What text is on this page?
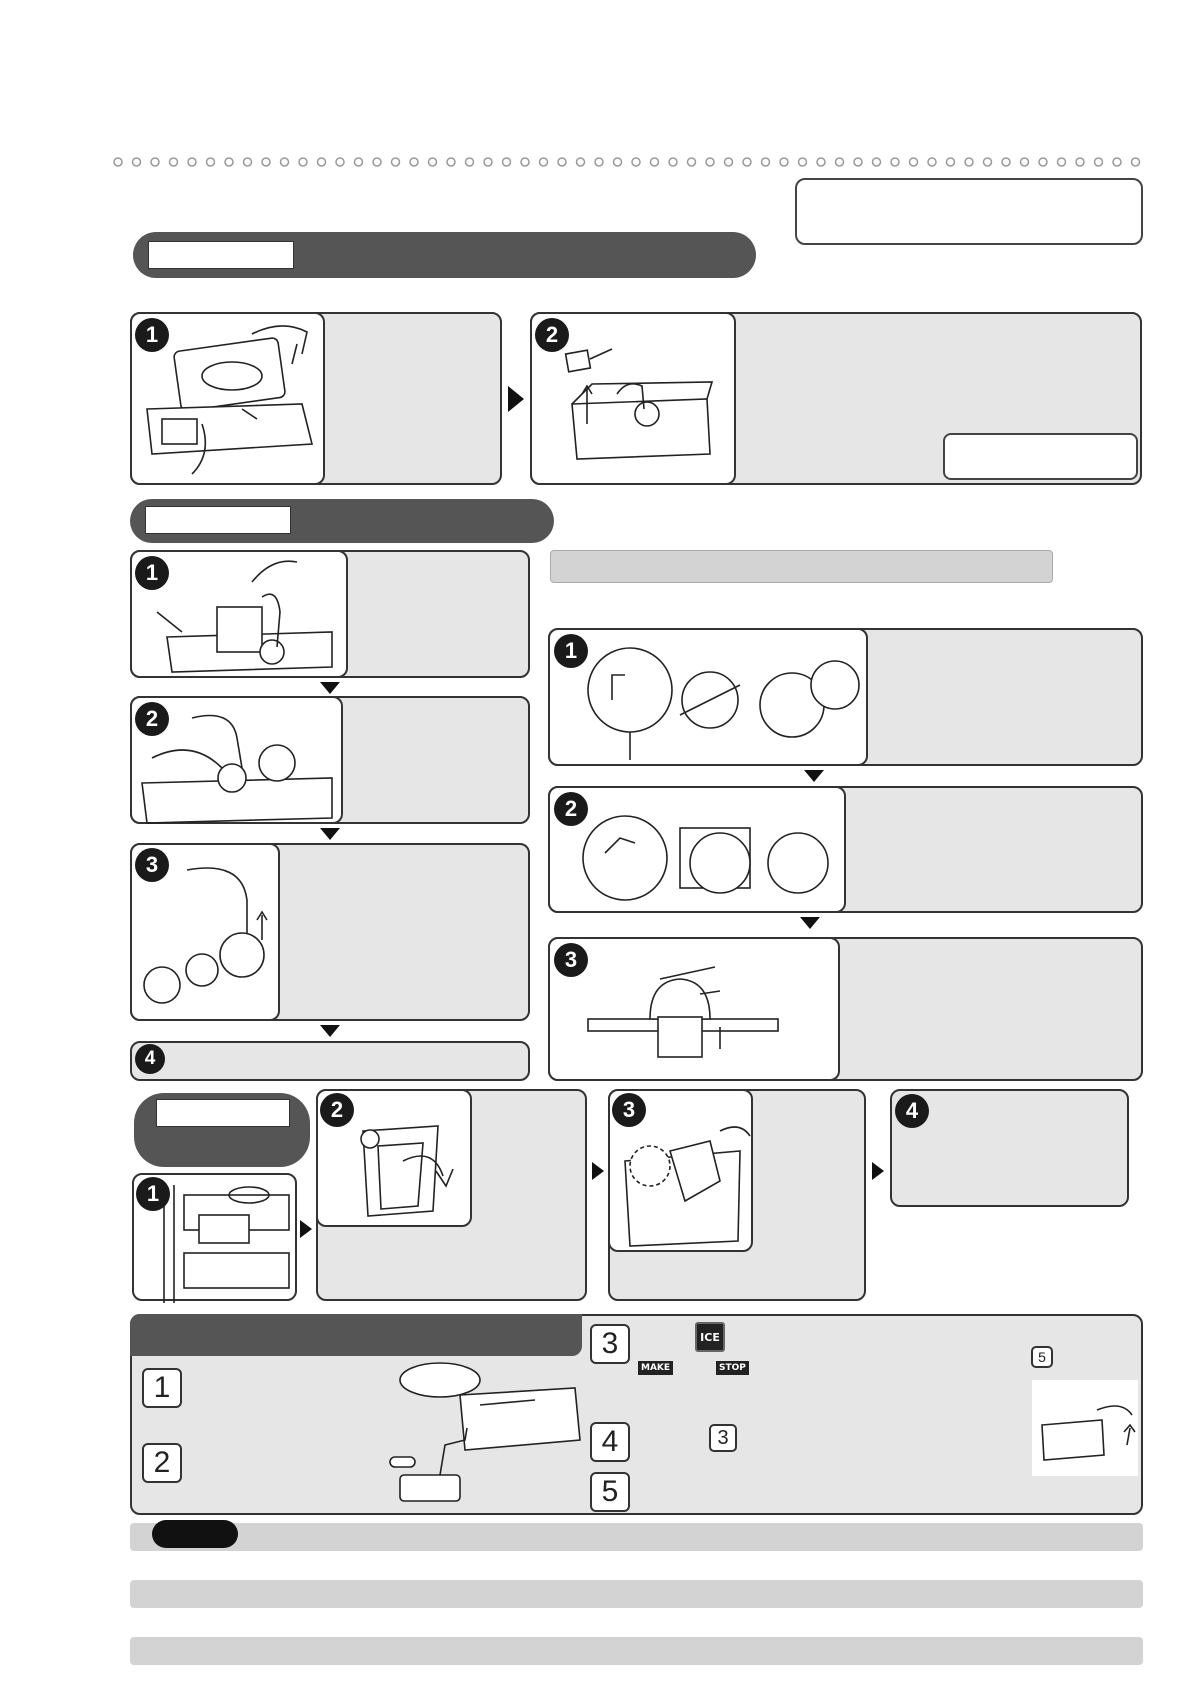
1	2
1
2
3
4
1
2
3
1
2	3	4
1
2
3
4
5
ICE
MAKE	STOP
3
5
